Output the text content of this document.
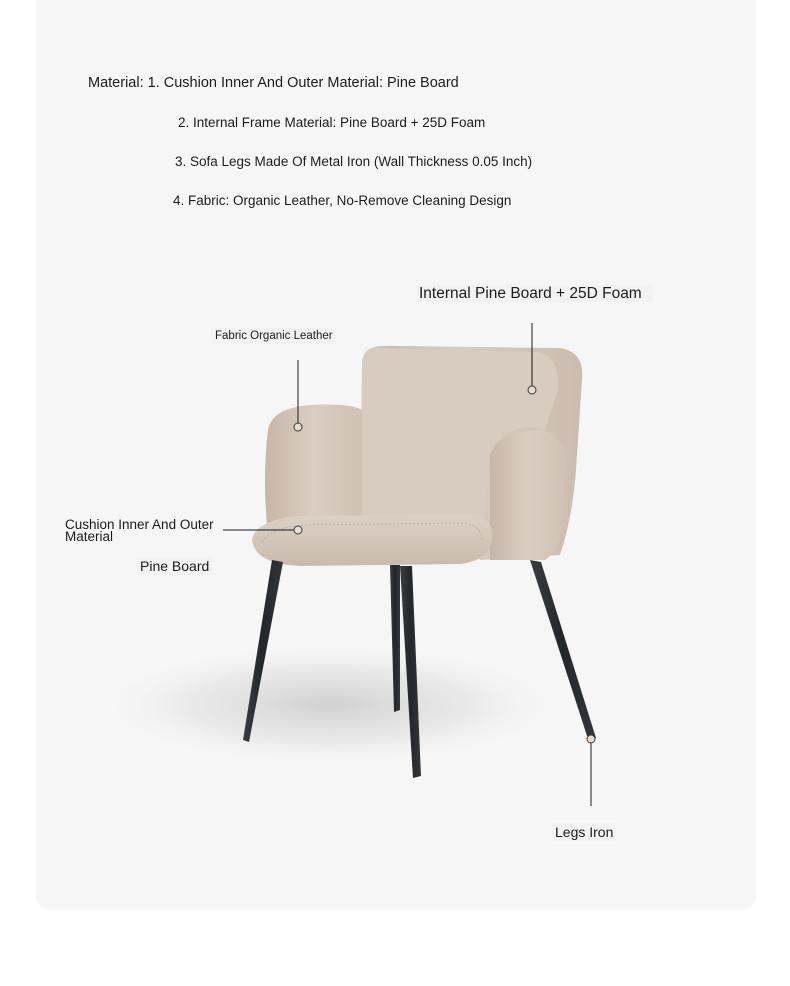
Material: 1. Cushion Inner And Outer Material: Pine Board
2. Internal Frame Material: Pine Board + 25D Foam
3. Sofa Legs Made Of Metal Iron (Wall Thickness 0.05 Inch)
4. Fabric: Organic Leather, No-Remove Cleaning Design
Internal Pine Board + 25D Foam
Fabric Organic Leather
Cushion Inner And Outer Material
Pine Board
Legs Iron
